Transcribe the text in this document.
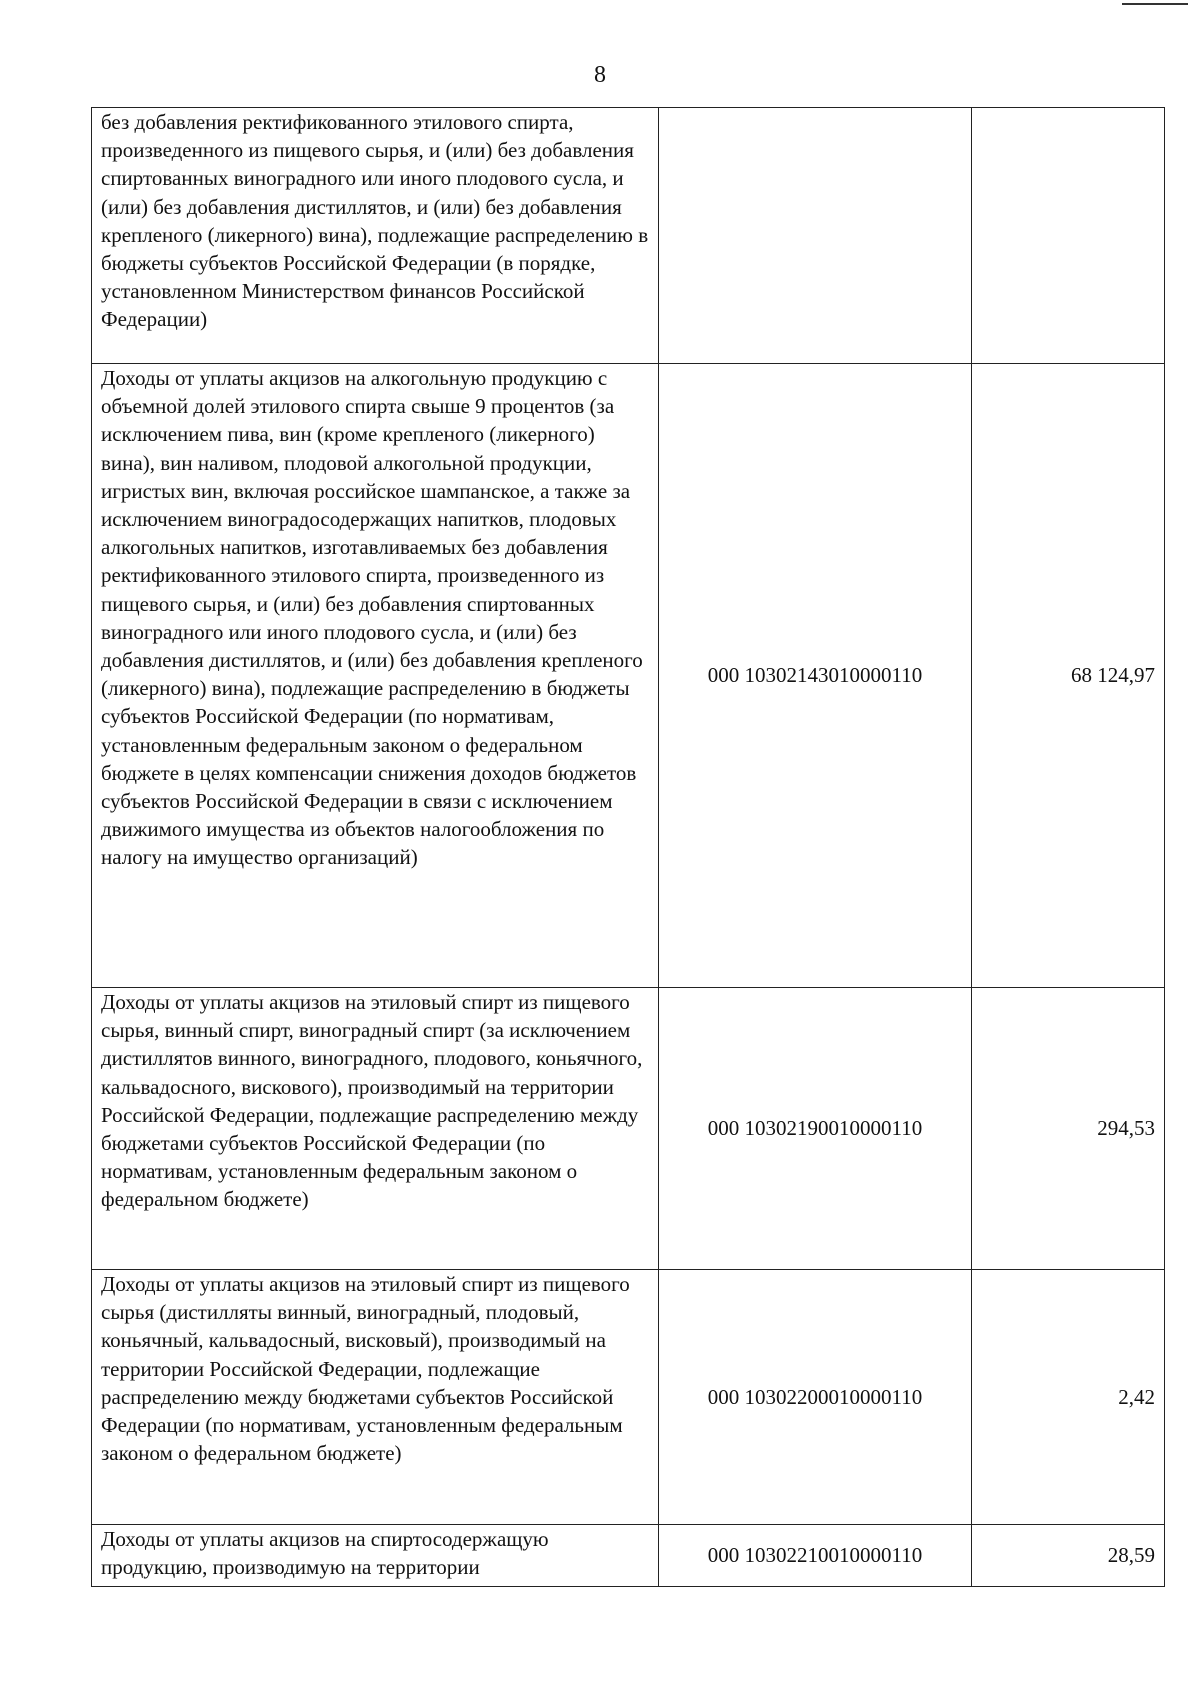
8
без добавления ректификованного этилового спирта, произведенного из пищевого сырья, и (или) без добавления спиртованных виноградного или иного плодового сусла, и (или) без добавления дистиллятов, и (или) без добавления крепленого (ликерного) вина), подлежащие распределению в бюджеты субъектов Российской Федерации (в порядке, установленном Министерством финансов Российской Федерации)		

Доходы от уплаты акцизов на алкогольную продукцию с объемной долей этилового спирта свыше 9 процентов (за исключением пива, вин (кроме крепленого (ликерного) вина), вин наливом, плодовой алкогольной продукции, игристых вин, включая российское шампанское, а также за исключением виноградосодержащих напитков, плодовых алкогольных напитков, изготавливаемых без добавления ректификованного этилового спирта, произведенного из пищевого сырья, и (или) без добавления спиртованных виноградного или иного плодового сусла, и (или) без добавления дистиллятов, и (или) без добавления крепленого (ликерного) вина), подлежащие распределению в бюджеты субъектов Российской Федерации (по нормативам, установленным федеральным законом о федеральном бюджете в целях компенсации снижения доходов бюджетов субъектов Российской Федерации в связи с исключением движимого имущества из объектов налогообложения по налогу на имущество организаций)	000 10302143010000110	68 124,97

Доходы от уплаты акцизов на этиловый спирт из пищевого сырья, винный спирт, виноградный спирт (за исключением дистиллятов винного, виноградного, плодового, коньячного, кальвадосного, вискового), производимый на территории Российской Федерации, подлежащие распределению между бюджетами субъектов Российской Федерации (по нормативам, установленным федеральным законом о федеральном бюджете)	000 10302190010000110	294,53

Доходы от уплаты акцизов на этиловый спирт из пищевого сырья (дистилляты винный, виноградный, плодовый, коньячный, кальвадосный, висковый), производимый на территории Российской Федерации, подлежащие распределению между бюджетами субъектов Российской Федерации (по нормативам, установленным федеральным законом о федеральном бюджете)	000 10302200010000110	2,42

Доходы от уплаты акцизов на спиртосодержащую продукцию, производимую на территории	000 10302210010000110	28,59
